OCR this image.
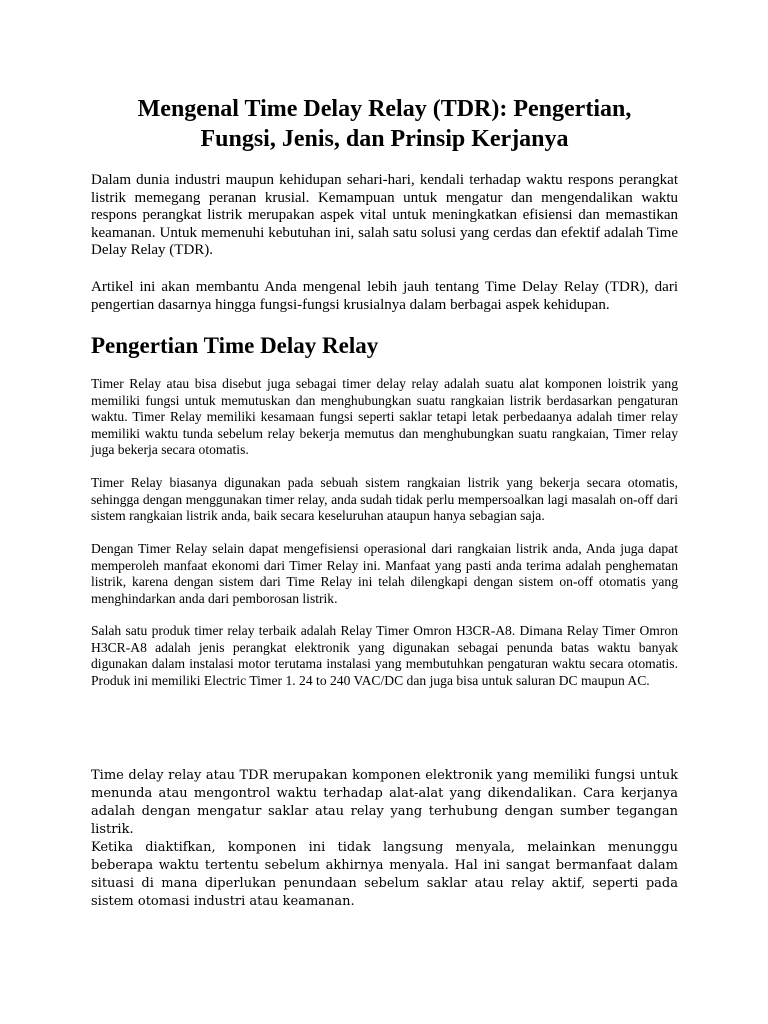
Mengenal Time Delay Relay (TDR): Pengertian,
Fungsi, Jenis, dan Prinsip Kerjanya

Dalam dunia industri maupun kehidupan sehari-hari, kendali terhadap waktu respons perangkat listrik memegang peranan krusial. Kemampuan untuk mengatur dan mengendalikan waktu respons perangkat listrik merupakan aspek vital untuk meningkatkan efisiensi dan memastikan keamanan. Untuk memenuhi kebutuhan ini, salah satu solusi yang cerdas dan efektif adalah Time Delay Relay (TDR).

Artikel ini akan membantu Anda mengenal lebih jauh tentang Time Delay Relay (TDR), dari pengertian dasarnya hingga fungsi-fungsi krusialnya dalam berbagai aspek kehidupan.

Pengertian Time Delay Relay

Timer Relay atau bisa disebut juga sebagai timer delay relay adalah suatu alat komponen loistrik yang memiliki fungsi untuk memutuskan dan menghubungkan suatu rangkaian listrik berdasarkan pengaturan waktu. Timer Relay memiliki kesamaan fungsi seperti saklar tetapi letak perbedaanya adalah timer relay memiliki waktu tunda sebelum relay bekerja memutus dan menghubungkan suatu rangkaian, Timer relay juga bekerja secara otomatis.

Timer Relay biasanya digunakan pada sebuah sistem rangkaian listrik yang bekerja secara otomatis, sehingga dengan menggunakan timer relay, anda sudah tidak perlu mempersoalkan lagi masalah on-off dari sistem rangkaian listrik anda, baik secara keseluruhan ataupun hanya sebagian saja.

Dengan Timer Relay selain dapat mengefisiensi operasional dari rangkaian listrik anda, Anda juga dapat memperoleh manfaat ekonomi dari Timer Relay ini. Manfaat yang pasti anda terima adalah penghematan listrik, karena dengan sistem dari Time Relay ini telah dilengkapi dengan sistem on-off otomatis yang menghindarkan anda dari pemborosan listrik.

Salah satu produk timer relay terbaik adalah Relay Timer Omron H3CR-A8. Dimana Relay Timer Omron H3CR-A8 adalah jenis perangkat elektronik yang digunakan sebagai penunda batas waktu banyak digunakan dalam instalasi motor terutama instalasi yang membutuhkan pengaturan waktu secara otomatis. Produk ini memiliki Electric Timer 1. 24 to 240 VAC/DC dan juga bisa untuk saluran DC maupun AC.

Time delay relay atau TDR merupakan komponen elektronik yang memiliki fungsi untuk menunda atau mengontrol waktu terhadap alat-alat yang dikendalikan. Cara kerjanya adalah dengan mengatur saklar atau relay yang terhubung dengan sumber tegangan listrik.

Ketika diaktifkan, komponen ini tidak langsung menyala, melainkan menunggu beberapa waktu tertentu sebelum akhirnya menyala. Hal ini sangat bermanfaat dalam situasi di mana diperlukan penundaan sebelum saklar atau relay aktif, seperti pada sistem otomasi industri atau keamanan.
